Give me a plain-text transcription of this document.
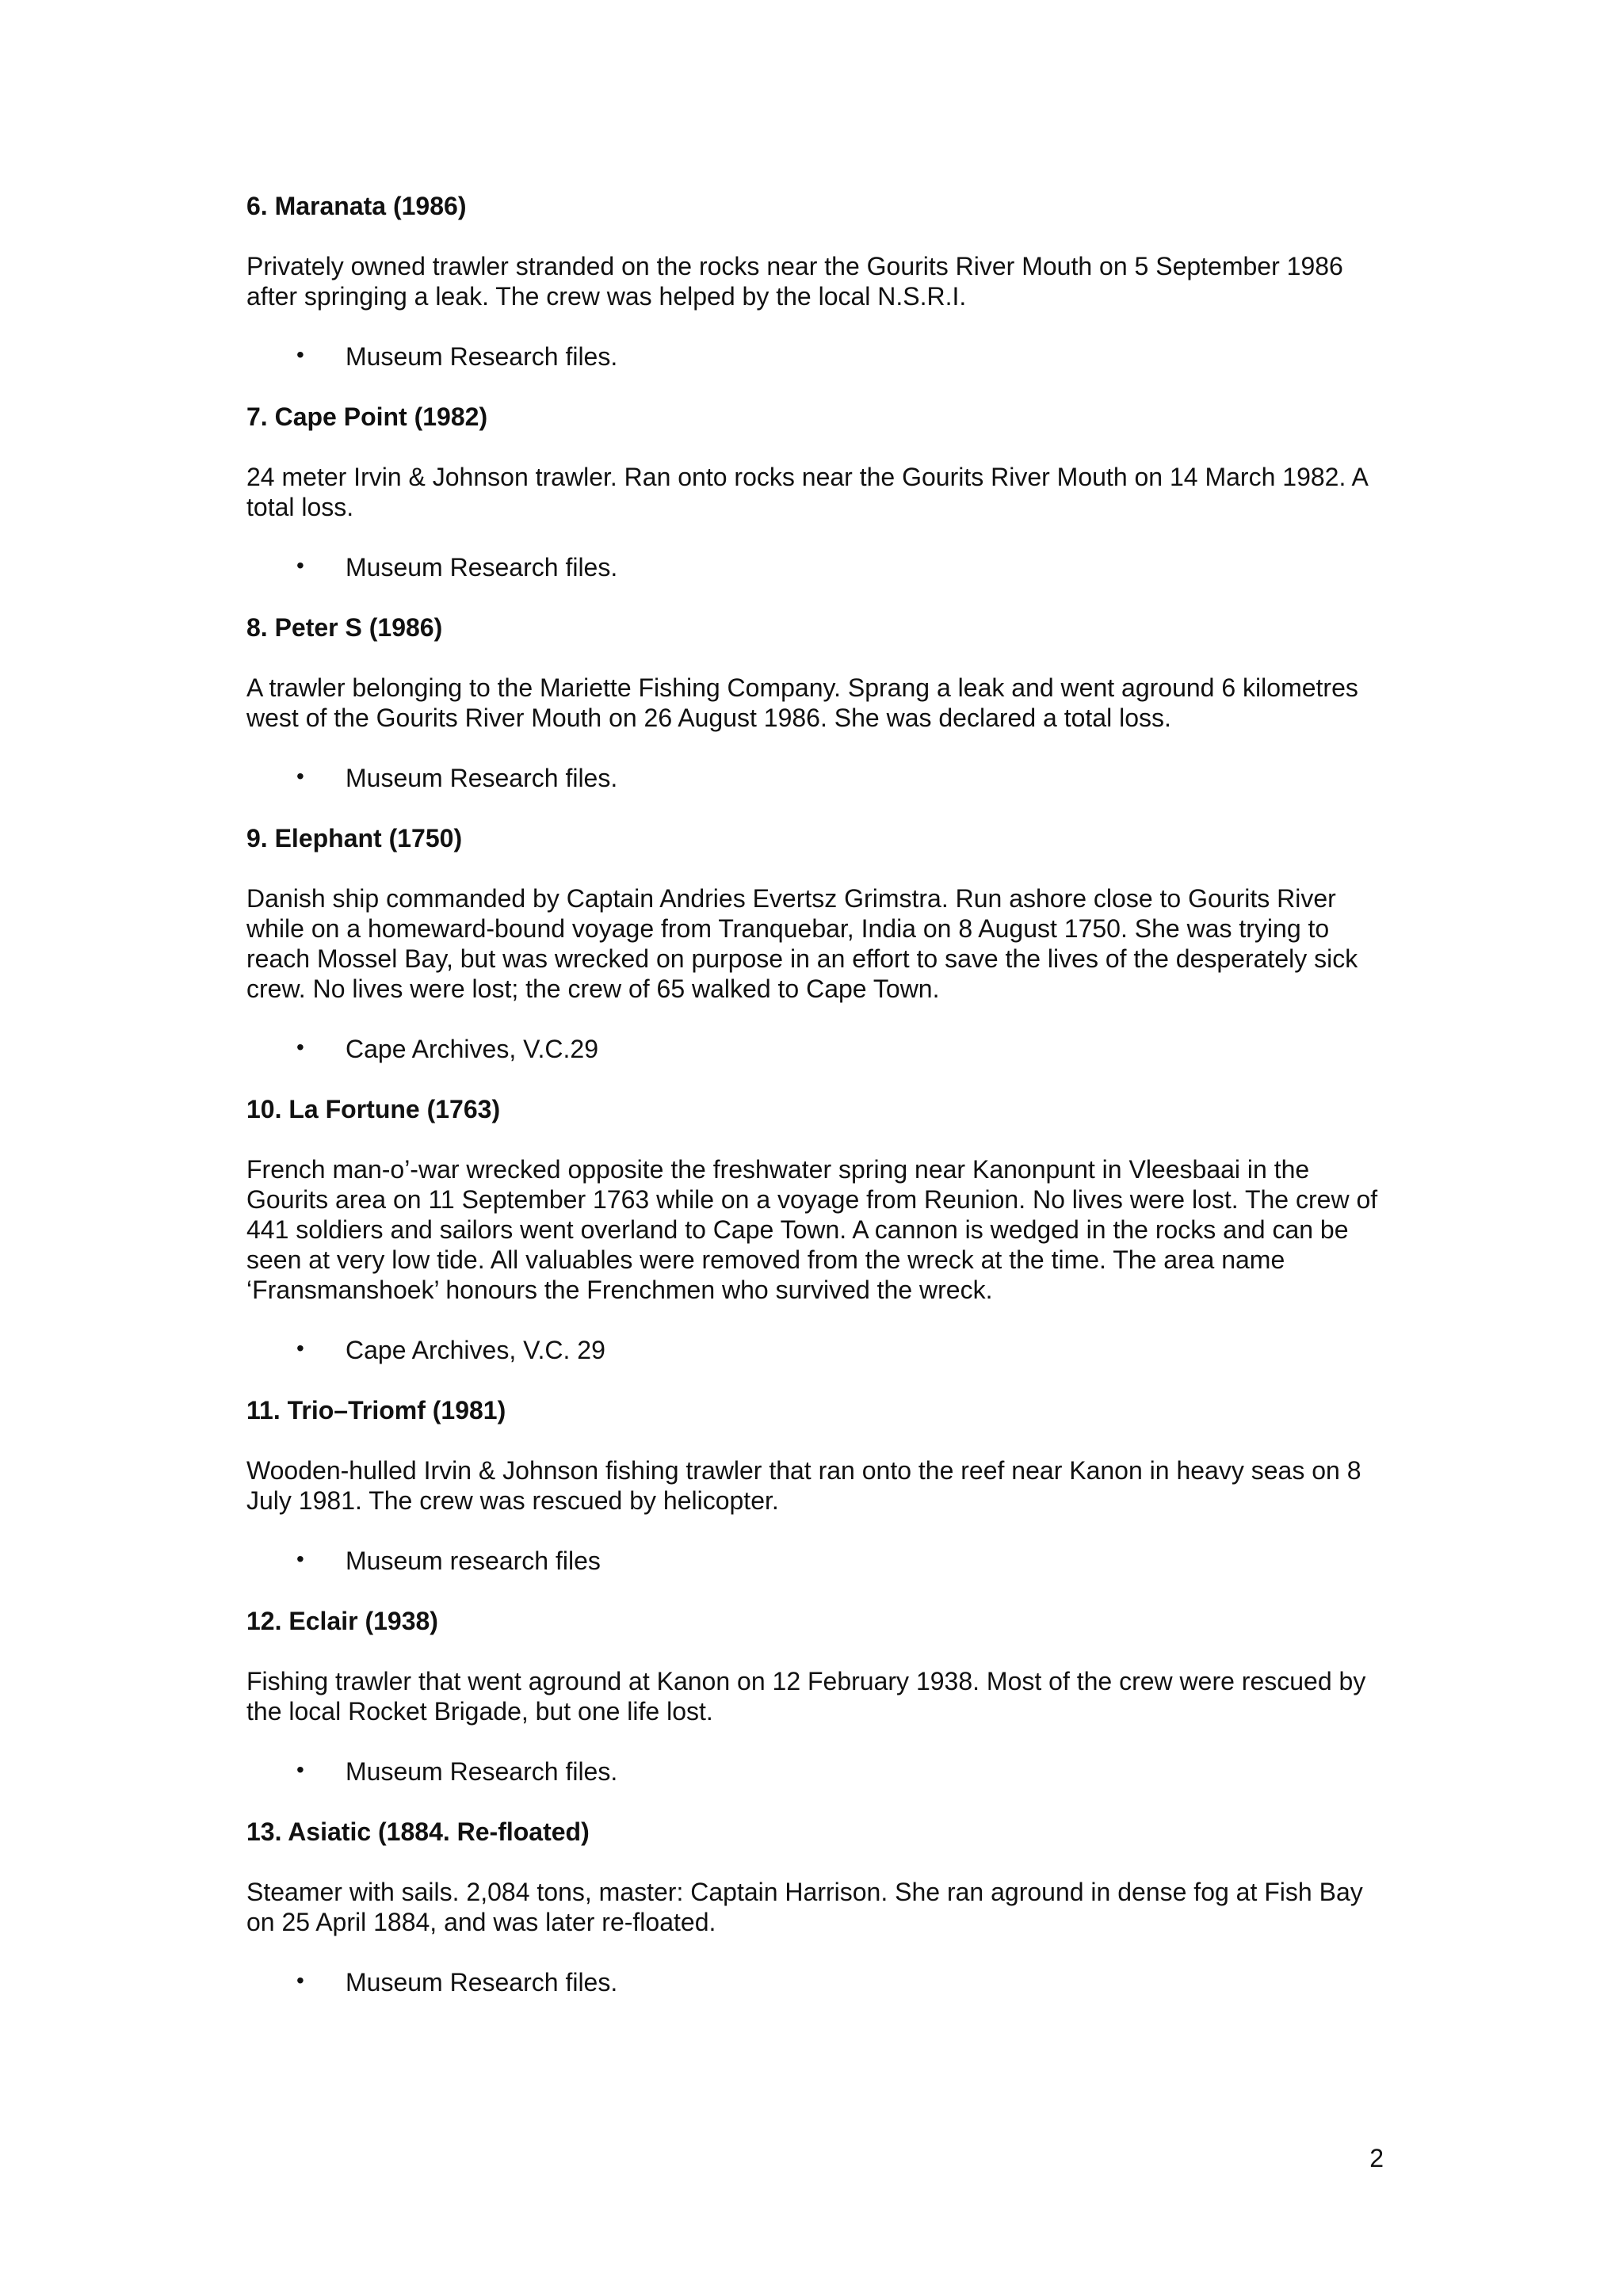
6. Maranata (1986)

Privately owned trawler stranded on the rocks near the Gourits River Mouth on 5 September 1986 after springing a leak. The crew was helped by the local N.S.R.I.

• Museum Research files.

7. Cape Point (1982)

24 meter Irvin & Johnson trawler. Ran onto rocks near the Gourits River Mouth on 14 March 1982. A total loss.

• Museum Research files.

8. Peter S (1986)

A trawler belonging to the Mariette Fishing Company. Sprang a leak and went aground 6 kilometres west of the Gourits River Mouth on 26 August 1986. She was declared a total loss.

• Museum Research files.

9. Elephant (1750)

Danish ship commanded by Captain Andries Evertsz Grimstra. Run ashore close to Gourits River while on a homeward-bound voyage from Tranquebar, India on 8 August 1750. She was trying to reach Mossel Bay, but was wrecked on purpose in an effort to save the lives of the desperately sick crew. No lives were lost; the crew of 65 walked to Cape Town.

• Cape Archives, V.C.29

10. La Fortune (1763)

French man-o’-war wrecked opposite the freshwater spring near Kanonpunt in Vleesbaai in the Gourits area on 11 September 1763 while on a voyage from Reunion. No lives were lost. The crew of 441 soldiers and sailors went overland to Cape Town. A cannon is wedged in the rocks and can be seen at very low tide. All valuables were removed from the wreck at the time. The area name ‘Fransmanshoek’ honours the Frenchmen who survived the wreck.

• Cape Archives, V.C. 29

11. Trio–Triomf (1981)

Wooden-hulled Irvin & Johnson fishing trawler that ran onto the reef near Kanon in heavy seas on 8 July 1981. The crew was rescued by helicopter.

• Museum research files

12. Eclair (1938)

Fishing trawler that went aground at Kanon on 12 February 1938. Most of the crew were rescued by the local Rocket Brigade, but one life lost.

• Museum Research files.

13. Asiatic (1884. Re-floated)

Steamer with sails. 2,084 tons, master: Captain Harrison. She ran aground in dense fog at Fish Bay on 25 April 1884, and was later re-floated.

• Museum Research files.
2
